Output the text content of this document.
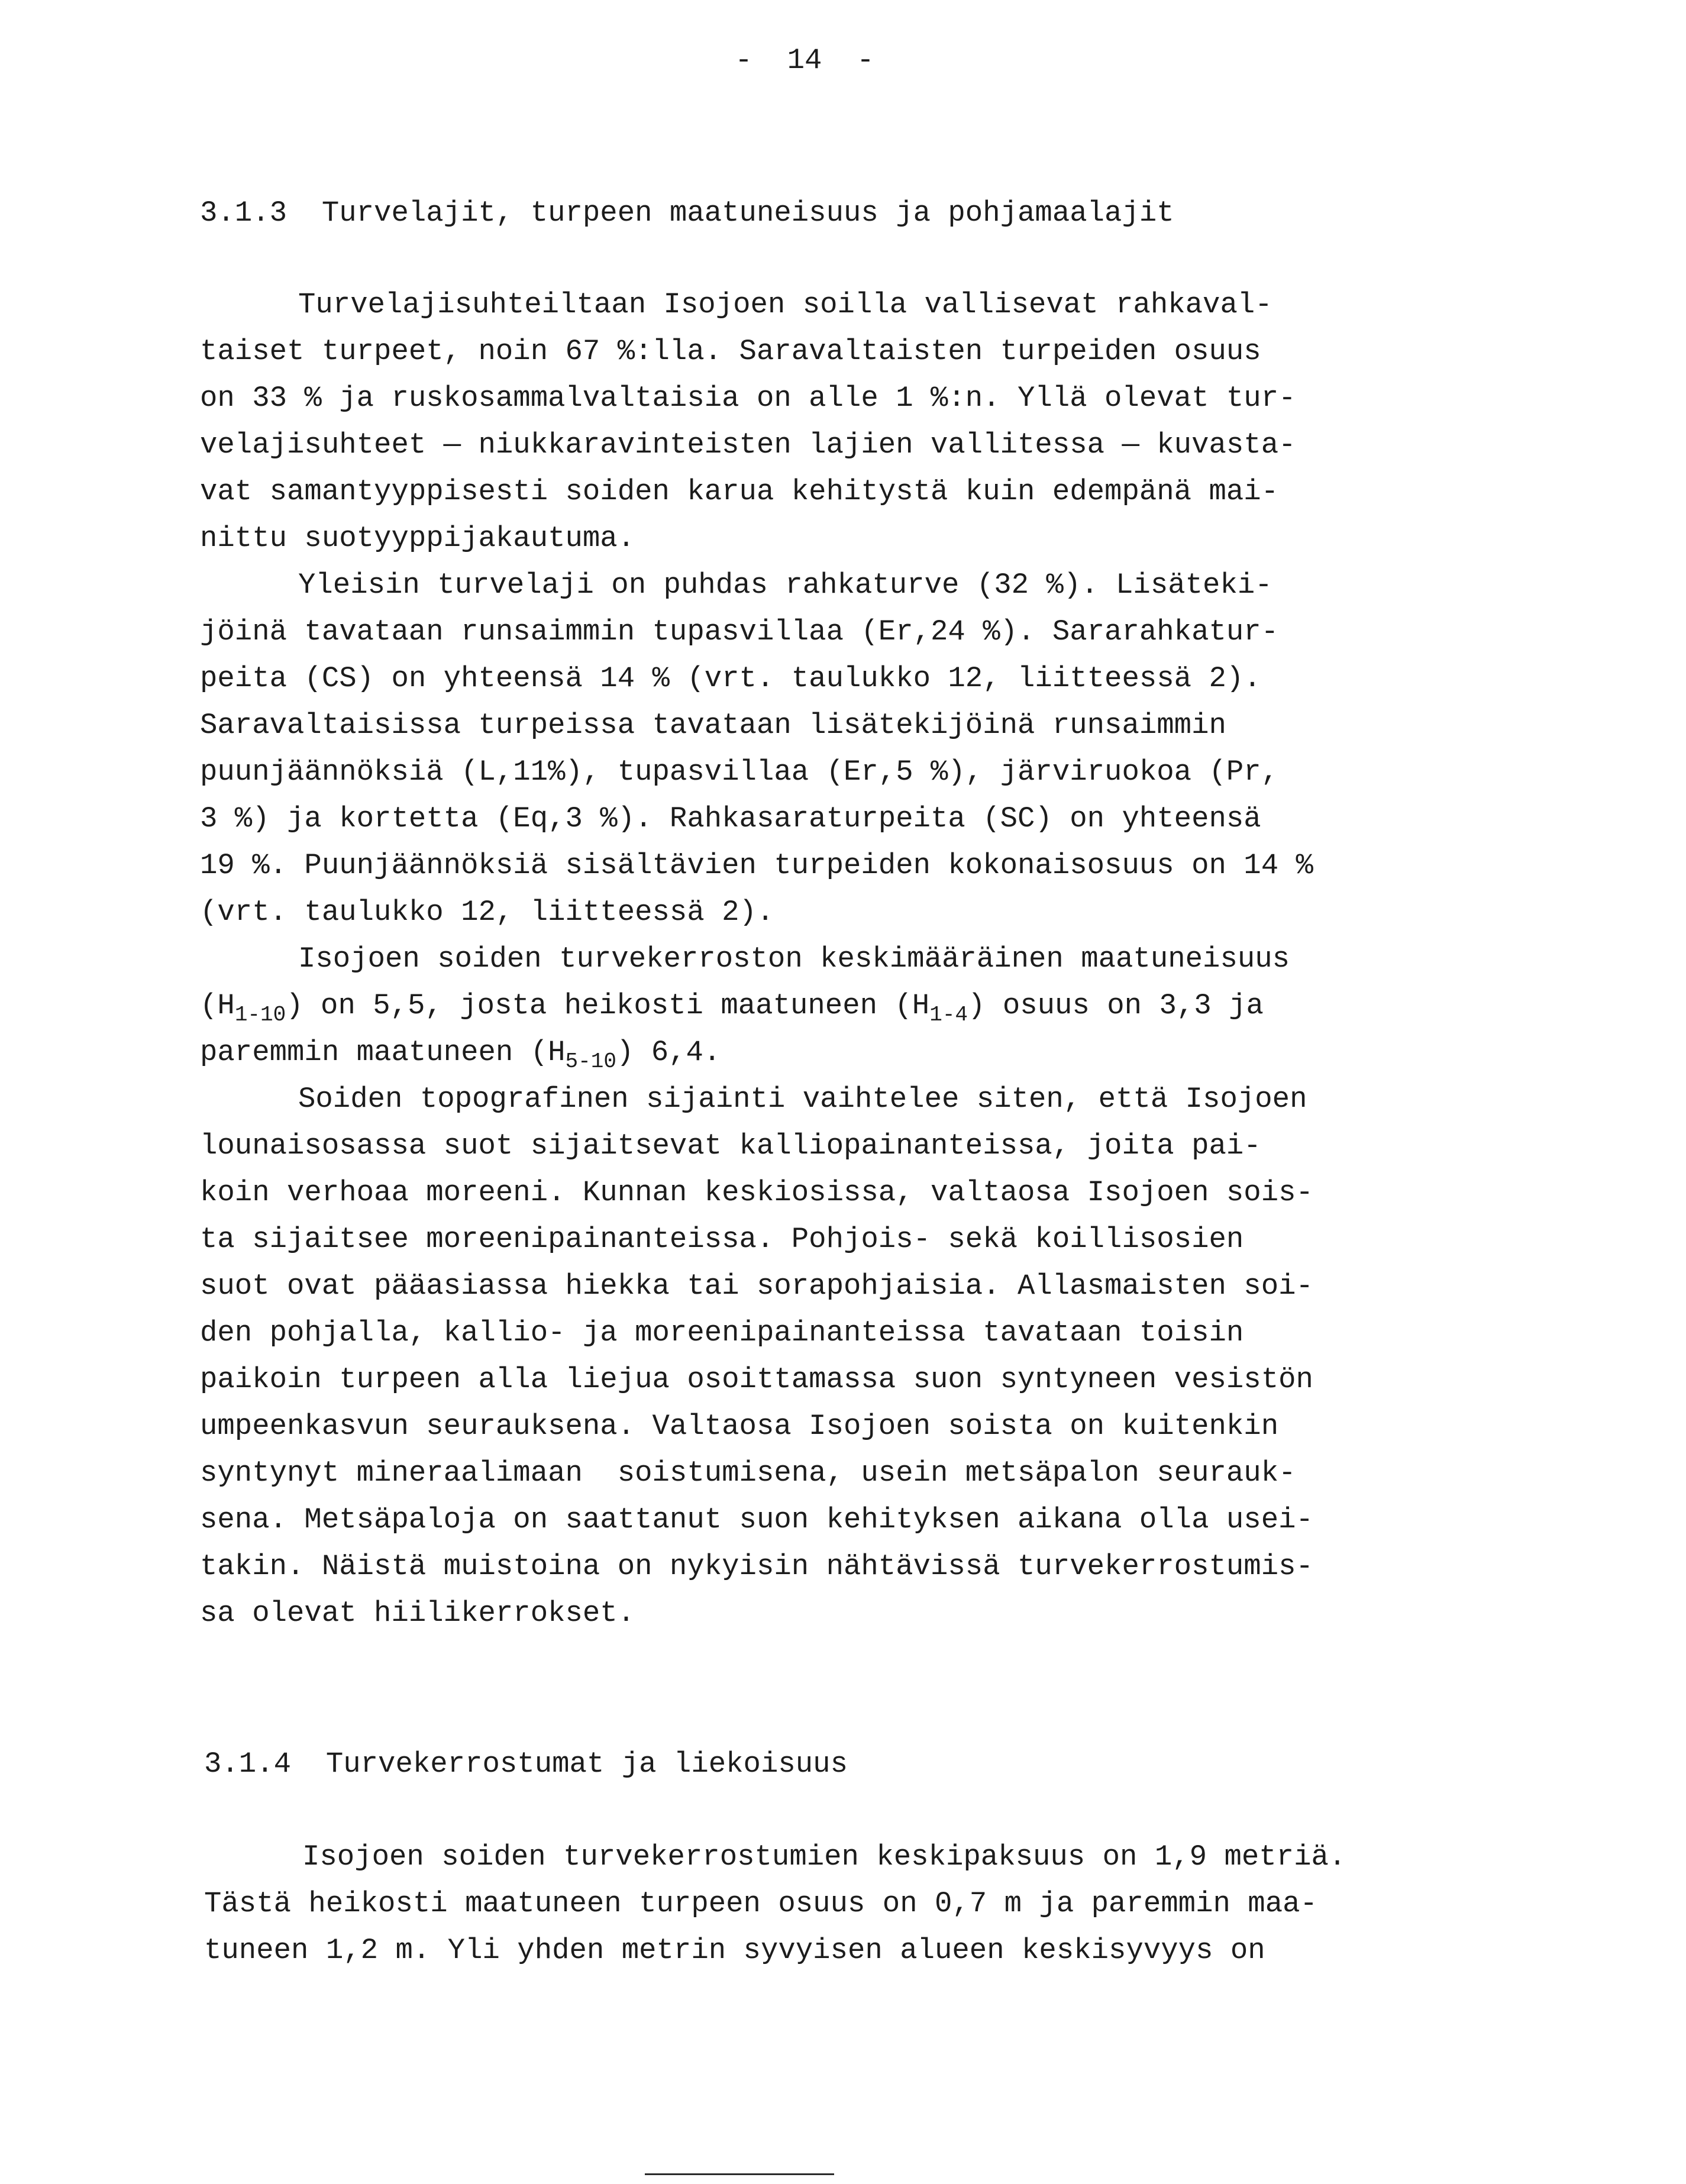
-  14  -
3.1.3  Turvelajit, turpeen maatuneisuus ja pohjamaalajit
Turvelajisuhteiltaan Isojoen soilla vallisevat rahkaval-
taiset turpeet, noin 67 %:lla. Saravaltaisten turpeiden osuus
on 33 % ja ruskosammalvaltaisia on alle 1 %:n. Yllä olevat tur-
velajisuhteet — niukkaravinteisten lajien vallitessa — kuvasta-
vat samantyyppisesti soiden karua kehitystä kuin edempänä mai-
nittu suotyyppijakautuma.
Yleisin turvelaji on puhdas rahkaturve (32 %). Lisäteki-
jöinä tavataan runsaimmin tupasvillaa (Er,24 %). Sararahkatur-
peita (CS) on yhteensä 14 % (vrt. taulukko 12, liitteessä 2).
Saravaltaisissa turpeissa tavataan lisätekijöinä runsaimmin
puunjäännöksiä (L,11%), tupasvillaa (Er,5 %), järviruokoa (Pr,
3 %) ja kortetta (Eq,3 %). Rahkasaraturpeita (SC) on yhteensä
19 %. Puunjäännöksiä sisältävien turpeiden kokonaisosuus on 14 %
(vrt. taulukko 12, liitteessä 2).
Isojoen soiden turvekerroston keskimääräinen maatuneisuus
$(H_{1-10})$ on 5,5, josta heikosti maatuneen $(H_{1-4})$ osuus on 3,3 ja
paremmin maatuneen $(H_{5-10})$ 6,4.
Soiden topografinen sijainti vaihtelee siten, että Isojoen
lounaisosassa suot sijaitsevat kalliopainanteissa, joita pai-
koin verhoaa moreeni. Kunnan keskiosissa, valtaosa Isojoen sois-
ta sijaitsee moreenipainanteissa. Pohjois- sekä koillisosien
suot ovat pääasiassa hiekka tai sorapohjaisia. Allasmaisten soi-
den pohjalla, kallio- ja moreenipainanteissa tavataan toisin
paikoin turpeen alla liejua osoittamassa suon syntyneen vesistön
umpeenkasvun seurauksena. Valtaosa Isojoen soista on kuitenkin
syntynyt mineraalimaan  soistumisena, usein metsäpalon seurauk-
sena. Metsäpaloja on saattanut suon kehityksen aikana olla usei-
takin. Näistä muistoina on nykyisin nähtävissä turvekerrostumis-
sa olevat hiilikerrokset.
3.1.4  Turvekerrostumat ja liekoisuus
Isojoen soiden turvekerrostumien keskipaksuus on 1,9 metriä.
Tästä heikosti maatuneen turpeen osuus on 0,7 m ja paremmin maa-
tuneen 1,2 m. Yli yhden metrin syvyisen alueen keskisyvyys on
